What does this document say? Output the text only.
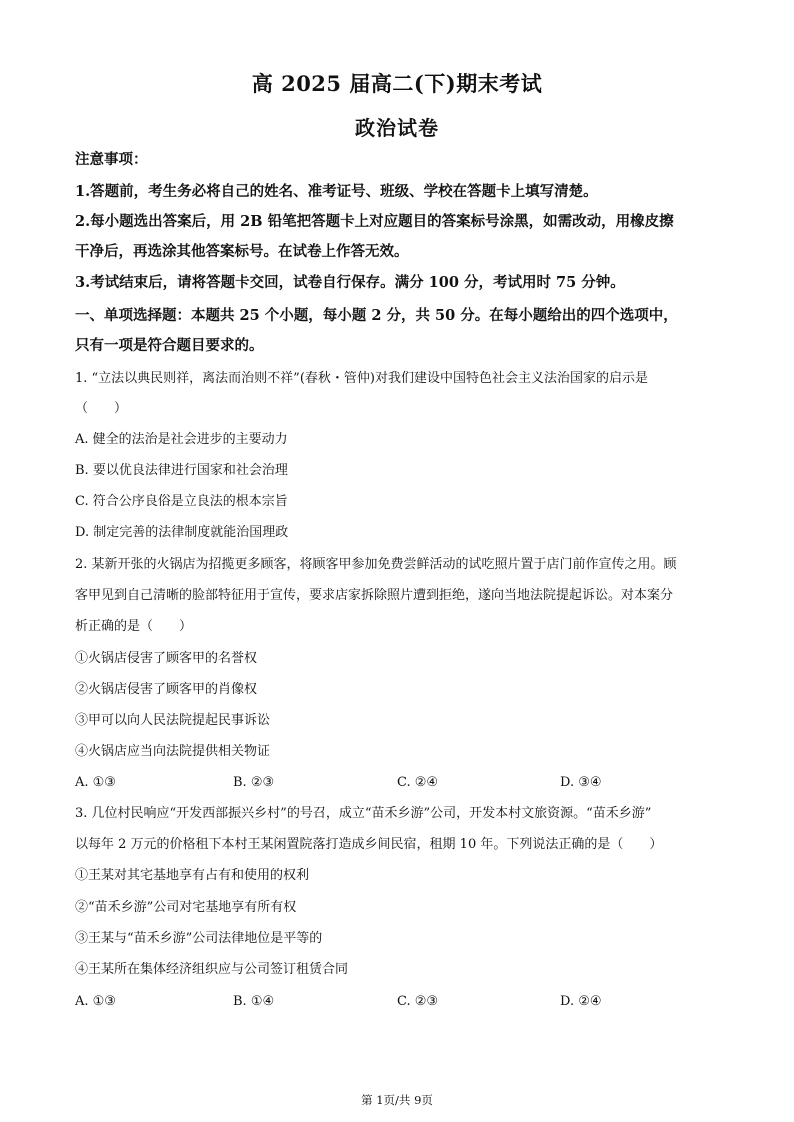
高 2025 届高二(下)期末考试
政治试卷
注意事项：
1.答题前，考生务必将自己的姓名、准考证号、班级、学校在答题卡上填写清楚。
2.每小题选出答案后，用 2B 铅笔把答题卡上对应题目的答案标号涂黑，如需改动，用橡皮擦
干净后，再选涂其他答案标号。在试卷上作答无效。
3.考试结束后，请将答题卡交回，试卷自行保存。满分 100 分，考试用时 75 分钟。
一、单项选择题：本题共 25 个小题，每小题 2 分，共 50 分。在每小题给出的四个选项中，
只有一项是符合题目要求的。
1. “立法以典民则祥，离法而治则不祥”(春秋・管仲)对我们建设中国特色社会主义法治国家的启示是
（　　）
A. 健全的法治是社会进步的主要动力
B. 要以优良法律进行国家和社会治理
C. 符合公序良俗是立良法的根本宗旨
D. 制定完善的法律制度就能治国理政
2. 某新开张的火锅店为招揽更多顾客，将顾客甲参加免费尝鲜活动的试吃照片置于店门前作宣传之用。顾
客甲见到自己清晰的脸部特征用于宣传，要求店家拆除照片遭到拒绝，遂向当地法院提起诉讼。对本案分
析正确的是（　　）
①火锅店侵害了顾客甲的名誉权
②火锅店侵害了顾客甲的肖像权
③甲可以向人民法院提起民事诉讼
④火锅店应当向法院提供相关物证
A. ①③	B. ②③	C. ②④	D. ③④
3. 几位村民响应“开发西部振兴乡村”的号召，成立“苗禾乡游”公司，开发本村文旅资源。“苗禾乡游”
以每年 2 万元的价格租下本村王某闲置院落打造成乡间民宿，租期 10 年。下列说法正确的是（　　）
①王某对其宅基地享有占有和使用的权利
②“苗禾乡游”公司对宅基地享有所有权
③王某与“苗禾乡游”公司法律地位是平等的
④王某所在集体经济组织应与公司签订租赁合同
A. ①③	B. ①④	C. ②③	D. ②④
第 1页/共 9页
